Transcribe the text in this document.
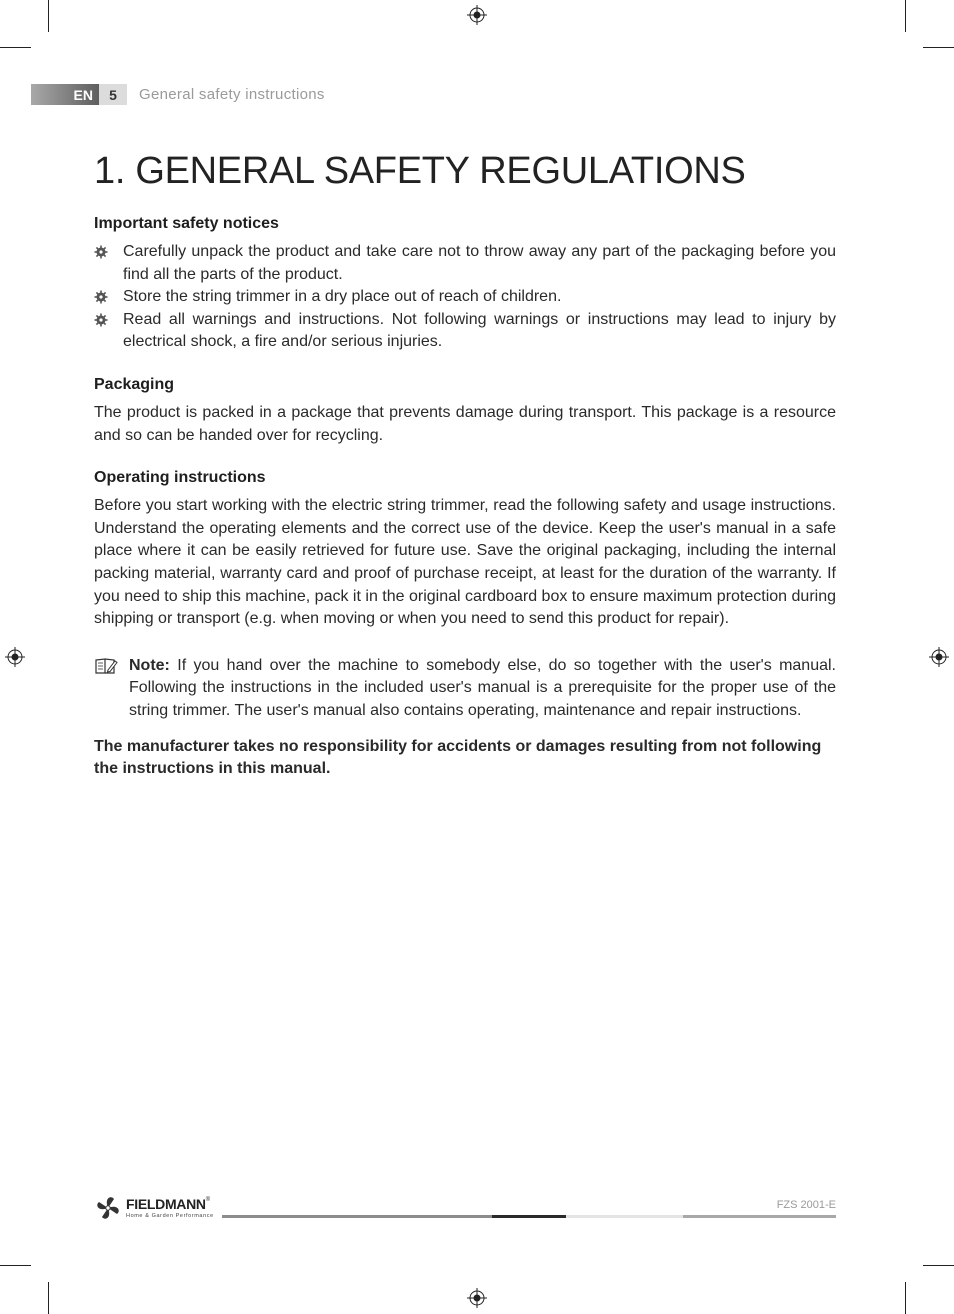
EN	5	General safety instructions
1. GENERAL SAFETY REGULATIONS
Important safety notices
Carefully unpack the product and take care not to throw away any part of the packaging before you find all the parts of the product.
Store the string trimmer in a dry place out of reach of children.
Read all warnings and instructions. Not following warnings or instructions may lead to injury by electrical shock, a fire and/or serious injuries.
Packaging

The product is packed in a package that prevents damage during transport. This package is a resource and so can be handed over for recycling.

Operating instructions

Before you start working with the electric string trimmer, read the following safety and usage instructions. Understand the operating elements and the correct use of the device. Keep the user's manual in a safe place where it can be easily retrieved for future use. Save the original packaging, including the internal packing material, warranty card and proof of purchase receipt, at least for the duration of the warranty. If you need to ship this machine, pack it in the original cardboard box to ensure maximum protection during shipping or transport (e.g. when moving or when you need to send this product for repair).

Note: If you hand over the machine to somebody else, do so together with the user's manual. Following the instructions in the included user's manual is a prerequisite for the proper use of the string trimmer. The user's manual also contains operating, maintenance and repair instructions.

The manufacturer takes no responsibility for accidents or damages resulting from not following the instructions in this manual.

FIELDMANN®
Home & Garden Performance
FZS 2001-E
